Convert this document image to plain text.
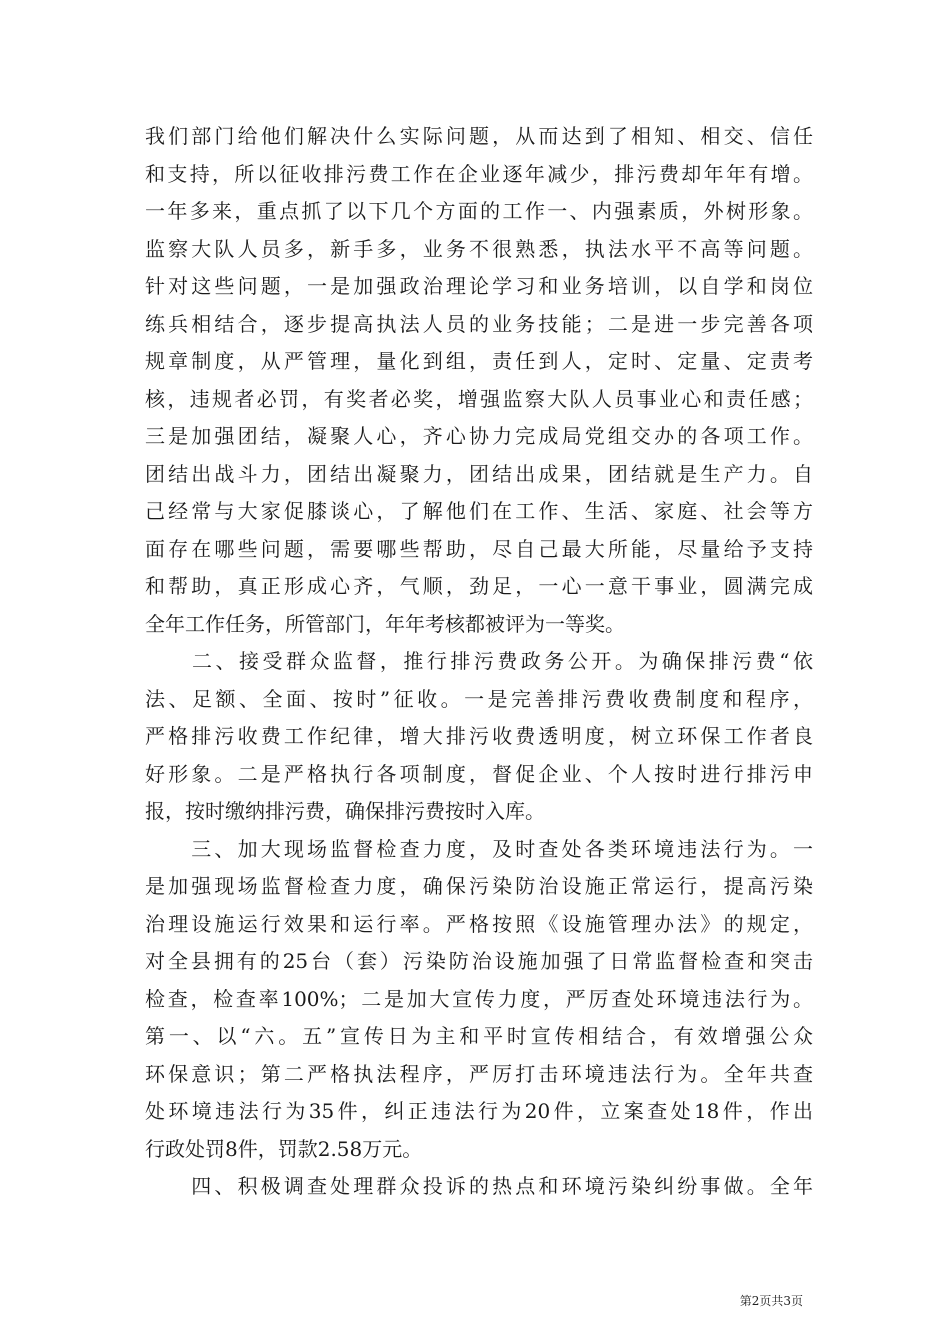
我们部门给他们解决什么实际问题，从而达到了相知、相交、信任
和支持，所以征收排污费工作在企业逐年减少，排污费却年年有增。
一年多来，重点抓了以下几个方面的工作一、内强素质，外树形象。
监察大队人员多，新手多，业务不很熟悉，执法水平不高等问题。
针对这些问题，一是加强政治理论学习和业务培训，以自学和岗位
练兵相结合，逐步提高执法人员的业务技能；二是进一步完善各项
规章制度，从严管理，量化到组，责任到人，定时、定量、定责考
核，违规者必罚，有奖者必奖，增强监察大队人员事业心和责任感；
三是加强团结，凝聚人心，齐心协力完成局党组交办的各项工作。
团结出战斗力，团结出凝聚力，团结出成果，团结就是生产力。自
己经常与大家促膝谈心，了解他们在工作、生活、家庭、社会等方
面存在哪些问题，需要哪些帮助，尽自己最大所能，尽量给予支持
和帮助，真正形成心齐，气顺，劲足，一心一意干事业，圆满完成
全年工作任务，所管部门，年年考核都被评为一等奖。
　　二、接受群众监督，推行排污费政务公开。为确保排污费“依
法、足额、全面、按时”征收。一是完善排污费收费制度和程序，
严格排污收费工作纪律，增大排污收费透明度，树立环保工作者良
好形象。二是严格执行各项制度，督促企业、个人按时进行排污申
报，按时缴纳排污费，确保排污费按时入库。
　　三、加大现场监督检查力度，及时查处各类环境违法行为。一
是加强现场监督检查力度，确保污染防治设施正常运行，提高污染
治理设施运行效果和运行率。严格按照《设施管理办法》的规定，
对全县拥有的25台（套）污染防治设施加强了日常监督检查和突击
检查，检查率100%；二是加大宣传力度，严厉查处环境违法行为。
第一、以“六。五”宣传日为主和平时宣传相结合，有效增强公众
环保意识；第二严格执法程序，严厉打击环境违法行为。全年共查
处环境违法行为35件，纠正违法行为20件，立案查处18件，作出
行政处罚8件，罚款2.58万元。
　　四、积极调查处理群众投诉的热点和环境污染纠纷事做。全年
第2页共3页
